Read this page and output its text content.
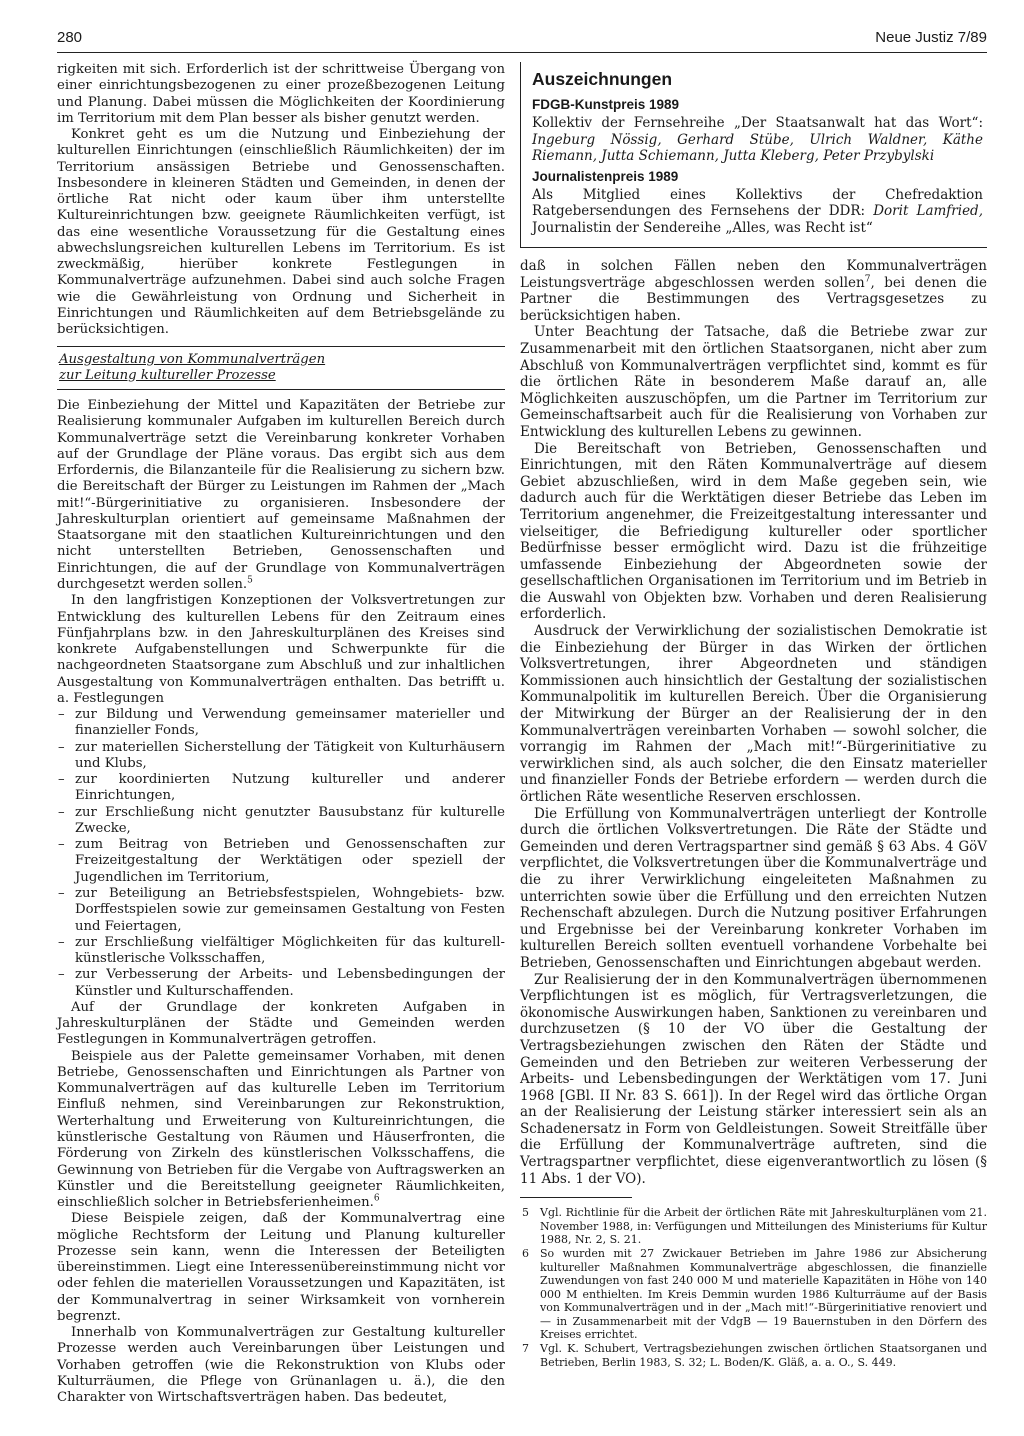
280	Neue Justiz 7/89

rigkeiten mit sich. Erforderlich ist der schrittweise Übergang von einer einrichtungsbezogenen zu einer prozeßbezogenen Leitung und Planung. Dabei müssen die Möglichkeiten der Koordinierung im Territorium mit dem Plan besser als bisher genutzt werden.

Konkret geht es um die Nutzung und Einbeziehung der kulturellen Einrichtungen (einschließlich Räumlichkeiten) der im Territorium ansässigen Betriebe und Genossenschaften. Insbesondere in kleineren Städten und Gemeinden, in denen der örtliche Rat nicht oder kaum über ihm unterstellte Kultureinrichtungen bzw. geeignete Räumlichkeiten verfügt, ist das eine wesentliche Voraussetzung für die Gestaltung eines abwechslungsreichen kulturellen Lebens im Territorium. Es ist zweckmäßig, hierüber konkrete Festlegungen in Kommunalverträge aufzunehmen. Dabei sind auch solche Fragen wie die Gewährleistung von Ordnung und Sicherheit in Einrichtungen und Räumlichkeiten auf dem Betriebsgelände zu berücksichtigen.

Ausgestaltung von Kommunalverträgen

zur Leitung kultureller Prozesse

Die Einbeziehung der Mittel und Kapazitäten der Betriebe zur Realisierung kommunaler Aufgaben im kulturellen Bereich durch Kommunalverträge setzt die Vereinbarung konkreter Vorhaben auf der Grundlage der Pläne voraus. Das ergibt sich aus dem Erfordernis, die Bilanzanteile für die Realisierung zu sichern bzw. die Bereitschaft der Bürger zu Leistungen im Rahmen der „Mach mit!“-Bürgerinitiative zu organisieren. Insbesondere der Jahreskulturplan orientiert auf gemeinsame Maßnahmen der Staatsorgane mit den staatlichen Kultureinrichtungen und den nicht unterstellten Betrieben, Genossenschaften und Einrichtungen, die auf der Grundlage von Kommunalverträgen durchgesetzt werden sollen.$^5$

In den langfristigen Konzeptionen der Volksvertretungen zur Entwicklung des kulturellen Lebens für den Zeitraum eines Fünfjahrplans bzw. in den Jahreskulturplänen des Kreises sind konkrete Aufgabenstellungen und Schwerpunkte für die nachgeordneten Staatsorgane zum Abschluß und zur inhaltlichen Ausgestaltung von Kommunalverträgen enthalten. Das betrifft u. a. Festlegungen

– zur Bildung und Verwendung gemeinsamer materieller und finanzieller Fonds,
– zur materiellen Sicherstellung der Tätigkeit von Kulturhäusern und Klubs,
– zur koordinierten Nutzung kultureller und anderer Einrichtungen,
– zur Erschließung nicht genutzter Bausubstanz für kulturelle Zwecke,
– zum Beitrag von Betrieben und Genossenschaften zur Freizeitgestaltung der Werktätigen oder speziell der Jugendlichen im Territorium,
– zur Beteiligung an Betriebsfestspielen, Wohngebiets- bzw. Dorffestspielen sowie zur gemeinsamen Gestaltung von Festen und Feiertagen,
– zur Erschließung vielfältiger Möglichkeiten für das kulturell-künstlerische Volksschaffen,
– zur Verbesserung der Arbeits- und Lebensbedingungen der Künstler und Kulturschaffenden.

Auf der Grundlage der konkreten Aufgaben in Jahreskulturplänen der Städte und Gemeinden werden Festlegungen in Kommunalverträgen getroffen.

Beispiele aus der Palette gemeinsamer Vorhaben, mit denen Betriebe, Genossenschaften und Einrichtungen als Partner von Kommunalverträgen auf das kulturelle Leben im Territorium Einfluß nehmen, sind Vereinbarungen zur Rekonstruktion, Werterhaltung und Erweiterung von Kultureinrichtungen, die künstlerische Gestaltung von Räumen und Häuserfronten, die Förderung von Zirkeln des künstlerischen Volksschaffens, die Gewinnung von Betrieben für die Vergabe von Auftragswerken an Künstler und die Bereitstellung geeigneter Räumlichkeiten, einschließlich solcher in Betriebsferienheimen.$^6$

Diese Beispiele zeigen, daß der Kommunalvertrag eine mögliche Rechtsform der Leitung und Planung kultureller Prozesse sein kann, wenn die Interessen der Beteiligten übereinstimmen. Liegt eine Interessenübereinstimmung nicht vor oder fehlen die materiellen Voraussetzungen und Kapazitäten, ist der Kommunalvertrag in seiner Wirksamkeit von vornherein begrenzt.

Innerhalb von Kommunalverträgen zur Gestaltung kultureller Prozesse werden auch Vereinbarungen über Leistungen und Vorhaben getroffen (wie die Rekonstruktion von Klubs oder Kulturräumen, die Pflege von Grünanlagen u. ä.), die den Charakter von Wirtschaftsverträgen haben. Das bedeutet,

Auszeichnungen

FDGB-Kunstpreis 1989

Kollektiv der Fernsehreihe „Der Staatsanwalt hat das Wort“: Ingeburg Nössig, Gerhard Stübe, Ulrich Waldner, Käthe Riemann, Jutta Schiemann, Jutta Kleberg, Peter Przybylski

Journalistenpreis 1989

Als Mitglied eines Kollektivs der Chefredaktion Ratgebersendungen des Fernsehens der DDR: Dorit Lamfried, Journalistin der Sendereihe „Alles, was Recht ist“

daß in solchen Fällen neben den Kommunalverträgen Leistungsverträge abgeschlossen werden sollen$^7$, bei denen die Partner die Bestimmungen des Vertragsgesetzes zu berücksichtigen haben.

Unter Beachtung der Tatsache, daß die Betriebe zwar zur Zusammenarbeit mit den örtlichen Staatsorganen, nicht aber zum Abschluß von Kommunalverträgen verpflichtet sind, kommt es für die örtlichen Räte in besonderem Maße darauf an, alle Möglichkeiten auszuschöpfen, um die Partner im Territorium zur Gemeinschaftsarbeit auch für die Realisierung von Vorhaben zur Entwicklung des kulturellen Lebens zu gewinnen.

Die Bereitschaft von Betrieben, Genossenschaften und Einrichtungen, mit den Räten Kommunalverträge auf diesem Gebiet abzuschließen, wird in dem Maße gegeben sein, wie dadurch auch für die Werktätigen dieser Betriebe das Leben im Territorium angenehmer, die Freizeitgestaltung interessanter und vielseitiger, die Befriedigung kultureller oder sportlicher Bedürfnisse besser ermöglicht wird. Dazu ist die frühzeitige umfassende Einbeziehung der Abgeordneten sowie der gesellschaftlichen Organisationen im Territorium und im Betrieb in die Auswahl von Objekten bzw. Vorhaben und deren Realisierung erforderlich.

Ausdruck der Verwirklichung der sozialistischen Demokratie ist die Einbeziehung der Bürger in das Wirken der örtlichen Volksvertretungen, ihrer Abgeordneten und ständigen Kommissionen auch hinsichtlich der Gestaltung der sozialistischen Kommunalpolitik im kulturellen Bereich. Über die Organisierung der Mitwirkung der Bürger an der Realisierung der in den Kommunalverträgen vereinbarten Vorhaben — sowohl solcher, die vorrangig im Rahmen der „Mach mit!“-Bürgerinitiative zu verwirklichen sind, als auch solcher, die den Einsatz materieller und finanzieller Fonds der Betriebe erfordern — werden durch die örtlichen Räte wesentliche Reserven erschlossen.

Die Erfüllung von Kommunalverträgen unterliegt der Kontrolle durch die örtlichen Volksvertretungen. Die Räte der Städte und Gemeinden und deren Vertragspartner sind gemäß § 63 Abs. 4 GöV verpflichtet, die Volksvertretungen über die Kommunalverträge und die zu ihrer Verwirklichung eingeleiteten Maßnahmen zu unterrichten sowie über die Erfüllung und den erreichten Nutzen Rechenschaft abzulegen. Durch die Nutzung positiver Erfahrungen und Ergebnisse bei der Vereinbarung konkreter Vorhaben im kulturellen Bereich sollten eventuell vorhandene Vorbehalte bei Betrieben, Genossenschaften und Einrichtungen abgebaut werden.

Zur Realisierung der in den Kommunalverträgen übernommenen Verpflichtungen ist es möglich, für Vertragsverletzungen, die ökonomische Auswirkungen haben, Sanktionen zu vereinbaren und durchzusetzen (§ 10 der VO über die Gestaltung der Vertragsbeziehungen zwischen den Räten der Städte und Gemeinden und den Betrieben zur weiteren Verbesserung der Arbeits- und Lebensbedingungen der Werktätigen vom 17. Juni 1968 [GBl. II Nr. 83 S. 661]). In der Regel wird das örtliche Organ an der Realisierung der Leistung stärker interessiert sein als an Schadenersatz in Form von Geldleistungen. Soweit Streitfälle über die Erfüllung der Kommunalverträge auftreten, sind die Vertragspartner verpflichtet, diese eigenverantwortlich zu lösen (§ 11 Abs. 1 der VO).

5 Vgl. Richtlinie für die Arbeit der örtlichen Räte mit Jahreskulturplänen vom 21. November 1988, in: Verfügungen und Mitteilungen des Ministeriums für Kultur 1988, Nr. 2, S. 21.

6 So wurden mit 27 Zwickauer Betrieben im Jahre 1986 zur Absicherung kultureller Maßnahmen Kommunalverträge abgeschlossen, die finanzielle Zuwendungen von fast 240 000 M und materielle Kapazitäten in Höhe von 140 000 M enthielten. Im Kreis Demmin wurden 1986 Kulturräume auf der Basis von Kommunalverträgen und in der „Mach mit!“-Bürgerinitiative renoviert und — in Zusammenarbeit mit der VdgB — 19 Bauernstuben in den Dörfern des Kreises errichtet.

7 Vgl. K. Schubert, Vertragsbeziehungen zwischen örtlichen Staatsorganen und Betrieben, Berlin 1983, S. 32; L. Boden/K. Gläß, a. a. O., S. 449.
